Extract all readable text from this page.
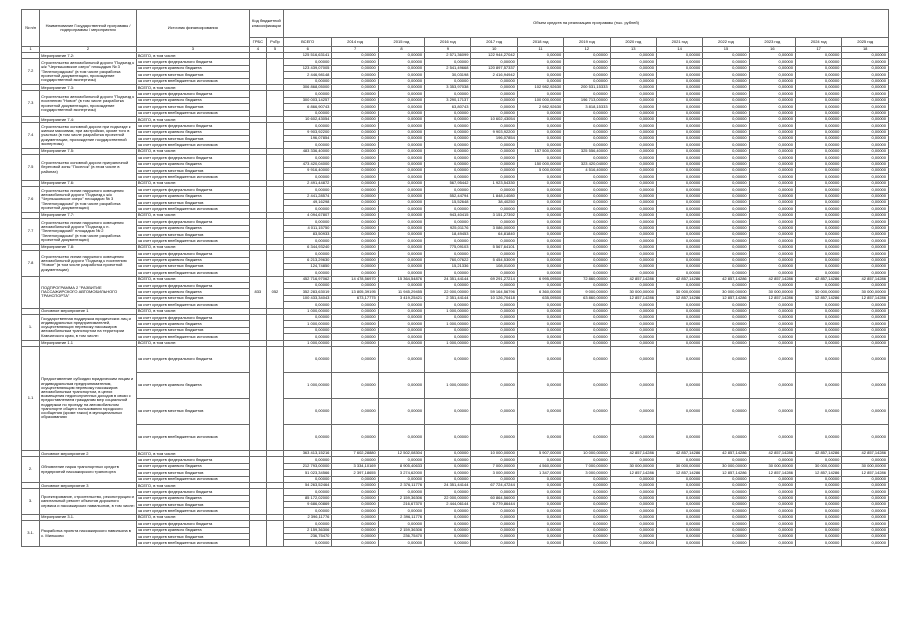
№ п/п	Наименование Государственной программы / подпрограммы / мероприятия	Источник финансирования	Код бюджетной классификации		Объем средств на реализацию программы (тыс. рублей)												
			ГРБС	РзПр	ВСЕГО	2014 год	2015 год	2016 год	2017 год	2018 год	2019 год	2020 год	2021 год	2022 год	2023 год	2024 год	2025 год
1	2	3	4	5	6	7	8	9	10	11	12	13	14	15	16	17	18
	Мероприятие 7.2:	ВСЕГО, в том числе:			125 516,63141	0,00000	0,00000	2 571,36099	122 944,27042	0,00000	0,00000	0,00000	0,00000	0,00000	0,00000	0,00000	0,00000
7.2	Строительство автомобильной дороги "Подъезд к ж/к "Чернышовское озеро" площадью № 3 "Зеленоградская" (в том числе разработка проектной документации, прохождение государственной экспертизы)	за счет средств федерального бюджета			0,00000	0,00000	0,00000	0,00000	0,00000	0,00000	0,00000	0,00000	0,00000	0,00000	0,00000	0,00000	0,00000
		за счет средств краевого бюджета			123 439,07005	0,00000	0,00000	2 541,49668	120 897,57337	0,00000	0,00000	0,00000	0,00000	0,00000	0,00000	0,00000	0,00000
		за счет средств местных бюджетов			2 446,98148	0,00000	0,00000	30,03198	2 416,94942	0,00000	0,00000	0,00000	0,00000	0,00000	0,00000	0,00000	0,00000
		за счет средств внебюджетных источников			0,00000	0,00000	0,00000	0,00000	0,00000	0,00000	0,00000	0,00000	0,00000	0,00000	0,00000	0,00000	0,00000
	Мероприятие 7.3:	ВСЕГО, в том числе:			306 868,05000	0,00000	0,00000	3 353,97038	0,00000	102 982,92630	200 531,15333	0,00000	0,00000	0,00000	0,00000	0,00000	0,00000
7.3	Строительство автомобильной дороги "Подъезд к поселению "Новое" (в том числе разработка проектной документации, прохождение государственной экспертизы)	за счет средств федерального бюджета			0,00000	0,00000	0,00000	0,00000	0,00000	0,00000	0,00000	0,00000	0,00000	0,00000	0,00000	0,00000	0,00000
		за счет средств краевого бюджета			300 003,14257	0,00000	0,00000	3 290,17137	0,00000	100 000,00000	196 713,00000	0,00000	0,00000	0,00000	0,00000	0,00000	0,00000
		за счет средств местных бюджетов			6 866,90743	0,00000	0,00000	63,80743	0,00000	2 982,92630	3 818,15333	0,00000	0,00000	0,00000	0,00000	0,00000	0,00000
		за счет средств внебюджетных источников			0,00000	0,00000	0,00000	0,00000	0,00000	0,00000	0,00000	0,00000	0,00000	0,00000	0,00000	0,00000	0,00000
	Мероприятие 7.4:	ВСЕГО, в том числе:			10 602,43054	0,00000	0,00000	0,00000	10 602,43054	0,00000	0,00000	0,00000	0,00000	0,00000	0,00000	0,00000	0,00000
7.4	Строительство основной дороги при подъезде к жилым массивам, при застройках, кроме того в участках (в том числе разработка проектной документации, прохождение государственной экспертизы)	за счет средств федерального бюджета			0,00000	0,00000	0,00000	0,00000	0,00000	0,00000	0,00000	0,00000	0,00000	0,00000	0,00000	0,00000	0,00000
		за счет средств краевого бюджета			9 903,92200	0,00000	0,00000	0,00000	9 903,92200	0,00000	0,00000	0,00000	0,00000	0,00000	0,00000	0,00000	0,00000
		за счет средств местных бюджетов			196,07854	0,00000	0,00000	0,00000	196,07854	0,00000	0,00000	0,00000	0,00000	0,00000	0,00000	0,00000	0,00000
		за счет средств внебюджетных источников			0,00000	0,00000	0,00000	0,00000	0,00000	0,00000	0,00000	0,00000	0,00000	0,00000	0,00000	0,00000	0,00000
	Мероприятие 7.5:	ВСЕГО, в том числе:			483 336,40000	0,00000	0,00000	0,00000	0,00000	157 500,00000	325 556,40000	0,00000	0,00000	0,00000	0,00000	0,00000	0,00000
7.5	Строительство основной дороги приграничной береговой зоны "Поселок" (в этом числе в районах)	за счет средств федерального бюджета			0,00000	0,00000	0,00000	0,00000	0,00000	0,00000	0,00000	0,00000	0,00000	0,00000	0,00000	0,00000	0,00000
		за счет средств краевого бюджета			473 420,04000	0,00000	0,00000	0,00000	0,00000	150 000,00000	323 420,04000	0,00000	0,00000	0,00000	0,00000	0,00000	0,00000
		за счет средств местных бюджетов			9 916,40000	0,00000	0,00000	0,00000	0,00000	5 000,00000	4 516,40000	0,00000	0,00000	0,00000	0,00000	0,00000	0,00000
		за счет средств внебюджетных источников			0,00000	0,00000	0,00000	0,00000	0,00000	0,00000	0,00000	0,00000	0,00000	0,00000	0,00000	0,00000	0,00000
	Мероприятие 7.6:	ВСЕГО, в том числе:			2 491,44872	0,00000	0,00000	567,95442	1 923,54330	0,00000	0,00000	0,00000	0,00000	0,00000	0,00000	0,00000	0,00000
7.6	Строительство линии наружного освещения автомобильной дороги "Подъезд к ж/к "Чернышовское озеро" площадью № 3 "Зеленоградская" (в том числе разработка проектной документации)	за счет средств федерального бюджета			0,00000	0,00000	0,00000	0,00000	0,00000	0,00000	0,00000	0,00000	0,00000	0,00000	0,00000	0,00000	0,00000
		за счет средств краевого бюджета			2 441,28574	0,00000	0,00000	552,44794	1 848,14080	0,00000	0,00000	0,00000	0,00000	0,00000	0,00000	0,00000	0,00000
		за счет средств местных бюджетов			49,16298	0,00000	0,00000	15,52648	38,40250	0,00000	0,00000	0,00000	0,00000	0,00000	0,00000	0,00000	0,00000
		за счет средств внебюджетных источников			0,00000	0,00000	0,00000	0,00000	0,00000	0,00000	0,00000	0,00000	0,00000	0,00000	0,00000	0,00000	0,00000
	Мероприятие 7.7:	ВСЕГО, в том числе:			4 094,67807	0,00000	0,00000	943,40415	3 151,27392	0,00000	0,00000	0,00000	0,00000	0,00000	0,00000	0,00000	0,00000
7.7	Строительство линии наружного освещения автомобильной дороги "Подъезд к п. "Зеленоградский" площадью № 2 "Зеленоградская" (в том числе разработка проектной документации)	за счет средств федерального бюджета			0,00000	0,00000	0,00000	0,00000	0,00000	0,00000	0,00000	0,00000	0,00000	0,00000	0,00000	0,00000	0,00000
		за счет средств краевого бюджета			4 011,15750	0,00000	0,00000	925,01176	3 086,00000	0,00000	0,00000	0,00000	0,00000	0,00000	0,00000	0,00000	0,00000
		за счет средств местных бюджетов			83,50933	0,00000	0,00000	18,49453	64,81840	0,00000	0,00000	0,00000	0,00000	0,00000	0,00000	0,00000	0,00000
		за счет средств внебюджетных источников			0,00000	0,00000	0,00000	0,00000	0,00000	0,00000	0,00000	0,00000	0,00000	0,00000	0,00000	0,00000	0,00000
	Мероприятие 7.8:	ВСЕГО, в том числе:			6 344,93240	0,00000	0,00000	775,09103	5 567,64101	0,00000	0,00000	0,00000	0,00000	0,00000	0,00000	0,00000	0,00000
7.8	Строительство линии наружного освещения автомобильной дороги "Подъезд к поселению "Новое" (в том числе разработка проектной документации)	за счет средств федерального бюджета			0,00000	0,00000	0,00000	0,00000	0,00000	0,00000	0,00000	0,00000	0,00000	0,00000	0,00000	0,00000	0,00000
		за счет средств краевого бюджета			6 213,29630	0,00000	0,00000	760,07622	5 454,53009	0,00000	0,00000	0,00000	0,00000	0,00000	0,00000	0,00000	0,00000
		за счет средств местных бюджетов			124,74850	0,00000	0,00000	15,21336	108,01000	0,00000	0,00000	0,00000	0,00000	0,00000	0,00000	0,00000	0,00000
		за счет средств внебюджетных источников			0,00000	0,00000	0,00000	0,00000	0,00000	0,00000	0,00000	0,00000	0,00000	0,00000	0,00000	0,00000	0,00000
	ПОДПРОГРАММА 2 "РАЗВИТИЕ ПАССАЖИРСКОГО АВТОМОБИЛЬНОГО ТРАНСПОРТА"	ВСЕГО, в том числе:	833	052	452 716,97062	14 478,56970	15 364,54876	24 351,44144	69 291,27214	6 995,09500	72 860,00000	42 857,14286	42 857,14286	42 857,14286	42 857,14286	42 857,14286	42 857,14286
		за счет средств федерального бюджета			0,00000	0,00000	0,00000	0,00000	0,00000	0,00000	0,00000	0,00000	0,00000	0,00000	0,00000	0,00000	0,00000
		за счет средств краевого бюджета			352 283,63019	13 805,39195	11 945,29455	22 000,00000	59 164,56796	6 360,00000	9 000,00000	30 000,00000	30 000,00000	30 000,00000	30 000,00000	30 000,00000	30 000,00000
		за счет средств местных бюджетов			100 433,34043	673,17775	3 419,25421	2 351,44144	10 126,70418	635,09500	63 860,00000	12 857,14286	12 857,14286	12 857,14286	12 857,14286	12 857,14286	12 857,14286
		за счет средств внебюджетных источников			0,00000	0,00000	0,00000	0,00000	0,00000	0,00000	0,00000	0,00000	0,00000	0,00000	0,00000	0,00000	0,00000
	Основное мероприятие 1	ВСЕГО, в том числе:			1 000,00000	0,00000	0,00000	1 000,00000	0,00000	0,00000	0,00000	0,00000	0,00000	0,00000	0,00000	0,00000	0,00000
1.	Государственная поддержка юридических лиц и индивидуальных предпринимателей, осуществляющих перевозку пассажиров автомобильным транспортом на территории Камчатского края, в том числе:	за счет средств федерального бюджета			0,00000	0,00000	0,00000	0,00000	0,00000	0,00000	0,00000	0,00000	0,00000	0,00000	0,00000	0,00000	0,00000
		за счет средств краевого бюджета			1 000,00000	0,00000	0,00000	1 000,00000	0,00000	0,00000	0,00000	0,00000	0,00000	0,00000	0,00000	0,00000	0,00000
		за счет средств местных бюджетов			0,00000	0,00000	0,00000	0,00000	0,00000	0,00000	0,00000	0,00000	0,00000	0,00000	0,00000	0,00000	0,00000
		за счет средств внебюджетных источников			0,00000	0,00000	0,00000	0,00000	0,00000	0,00000	0,00000	0,00000	0,00000	0,00000	0,00000	0,00000	0,00000
	Мероприятие 1.1	ВСЕГО, в том числе:			1 000,00000	0,00000	0,00000	1 000,00000	0,00000	0,00000	0,00000	0,00000	0,00000	0,00000	0,00000	0,00000	0,00000
1.1	Предоставление субсидии юридическим лицам и индивидуальным предпринимателям, осуществляющим перевозку пассажиров автомобильным транспортом, в целях возмещения недополученных доходов в связи с предоставлением гражданам мер социальной поддержки по проезду на автомобильном транспорте общего пользования городского сообщения (кроме такси) в муниципальных образованиях	за счет средств федерального бюджета			0,00000	0,00000	0,00000	0,00000	0,00000	0,00000	0,00000	0,00000	0,00000	0,00000	0,00000	0,00000	0,00000
		за счет средств краевого бюджета			1 000,00000	0,00000	0,00000	1 000,00000	0,00000	0,00000	0,00000	0,00000	0,00000	0,00000	0,00000	0,00000	0,00000
		за счет средств местных бюджетов			0,00000	0,00000	0,00000	0,00000	0,00000	0,00000	0,00000	0,00000	0,00000	0,00000	0,00000	0,00000	0,00000
		за счет средств внебюджетных источников			0,00000	0,00000	0,00000	0,00000	0,00000	0,00000	0,00000	0,00000	0,00000	0,00000	0,00000	0,00000	0,00000
	Основное мероприятие 2	ВСЕГО, в том числе:			363 413,15216	7 602,28880	12 502,08304	0,00000	10 000,00000	5 907,00000	10 000,00000	42 857,14286	42 857,14286	42 857,14286	42 857,14286	42 857,14286	42 857,14286
2.	Обновление парка транспортных средств предприятий пассажирского транспорта	за счет средств федерального бюджета			0,00000	0,00000	0,00000	0,00000	0,00000	0,00000	0,00000	0,00000	0,00000	0,00000	0,00000	0,00000	0,00000
		за счет средств краевого бюджета			212 793,00000	3 334,10169	8 905,40633	0,00000	7 000,00000	4 560,00000	7 000,00000	30 000,00000	30 000,00000	30 000,00000	30 000,00000	30 000,00000	30 000,00000
		за счет средств местных бюджетов			51 023,34566	2 397,18655	3 274,62000	0,00000	3 000,00000	1 347,00000	3 000,00000	12 857,14286	12 857,14286	12 857,14286	12 857,14286	12 857,14286	12 857,14286
		за счет средств внебюджетных источников			0,00000	0,00000	0,00000	0,00000	0,00000	0,00000	0,00000	0,00000	0,00000	0,00000	0,00000	0,00000	0,00000
	Основное мероприятие 3	ВСЕГО, в том числе:			54 263,52464	0,00000	2 376,11776	24 351,44144	67 724,47244	0,00000	0,00000	0,00000	0,00000	0,00000	0,00000	0,00000	0,00000
3.	Проектирование, строительство, реконструкция и капитальный ремонт объектов дорожного сервиса и пассажирских павильонов, в том числе:	за счет средств федерального бюджета			0,00000	0,00000	0,00000	0,00000	0,00000	0,00000	0,00000	0,00000	0,00000	0,00000	0,00000	0,00000	0,00000
		за счет средств краевого бюджета			85 172,02000	0,00000	2 159,36306	22 000,00000	60 864,56000	0,00000	0,00000	0,00000	0,00000	0,00000	0,00000	0,00000	0,00000
		за счет средств местных бюджетов			9 686,00869	0,00000	216,67370	2 444,06144	6 779,86444	0,00000	0,00000	0,00000	0,00000	0,00000	0,00000	0,00000	0,00000
		за счет средств внебюджетных источников			0,00000	0,00000	0,00000	0,00000	0,00000	0,00000	0,00000	0,00000	0,00000	0,00000	0,00000	0,00000	0,00000
	Мероприятие 3.1.	ВСЕГО, в том числе:			2 396,11776	0,00000	2 396,11776	0,00000	0,00000	0,00000	0,00000	0,00000	0,00000	0,00000	0,00000	0,00000	0,00000
3.1.	Разработка проекта пассажирского павильона в с. Мильково	за счет средств федерального бюджета			0,00000	0,00000	0,00000	0,00000	0,00000	0,00000	0,00000	0,00000	0,00000	0,00000	0,00000	0,00000	0,00000
		за счет средств краевого бюджета			2 159,36306	0,00000	2 159,36306	0,00000	0,00000	0,00000	0,00000	0,00000	0,00000	0,00000	0,00000	0,00000	0,00000
		за счет средств местных бюджетов			236,75470	0,00000	236,75470	0,00000	0,00000	0,00000	0,00000	0,00000	0,00000	0,00000	0,00000	0,00000	0,00000
		за счет средств внебюджетных источников			0,00000	0,00000	0,00000	0,00000	0,00000	0,00000	0,00000	0,00000	0,00000	0,00000	0,00000	0,00000	0,00000
